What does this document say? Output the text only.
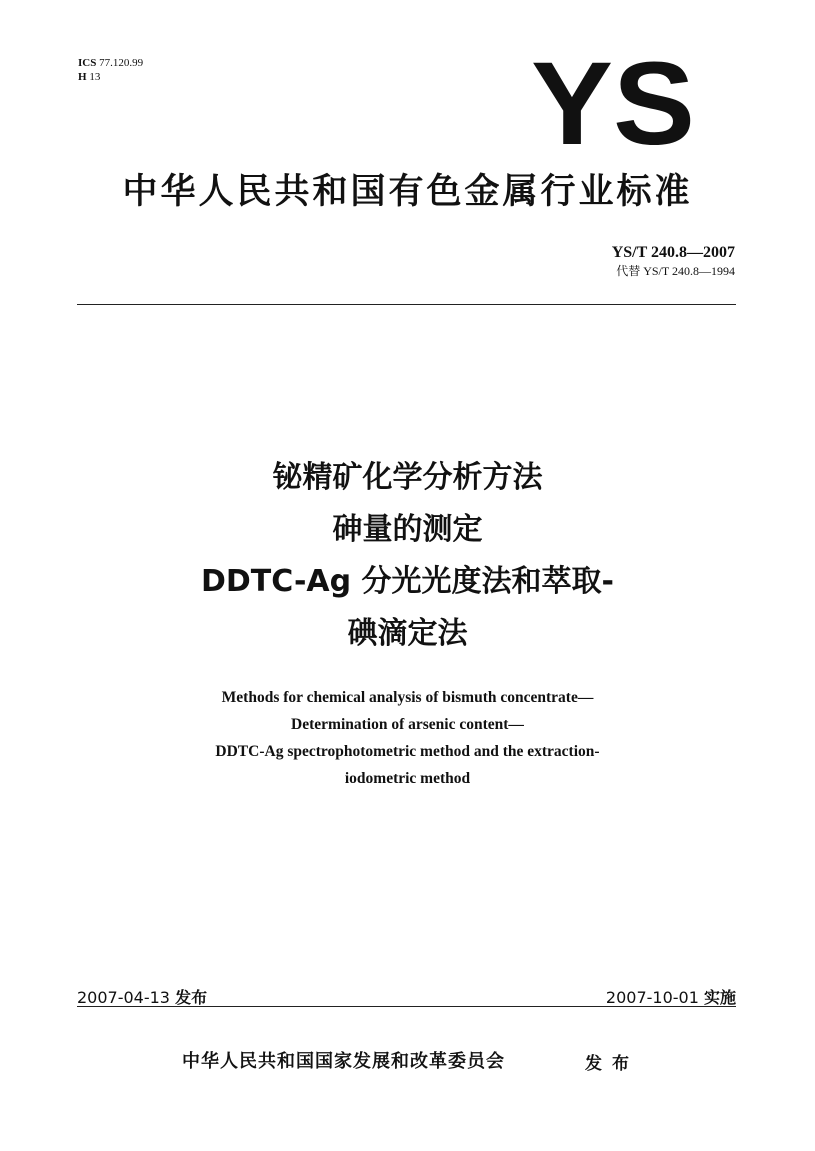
ICS 77.120.99
H 13	YS
中华人民共和国有色金属行业标准
YS/T 240.8—2007
代替 YS/T 240.8—1994
铋精矿化学分析方法
砷量的测定
DDTC-Ag 分光光度法和萃取-
碘滴定法
Methods for chemical analysis of bismuth concentrate—
Determination of arsenic content—
DDTC-Ag spectrophotometric method and the extraction-
iodometric method
2007-04-13 发布	2007-10-01 实施
中华人民共和国国家发展和改革委员会	发布
